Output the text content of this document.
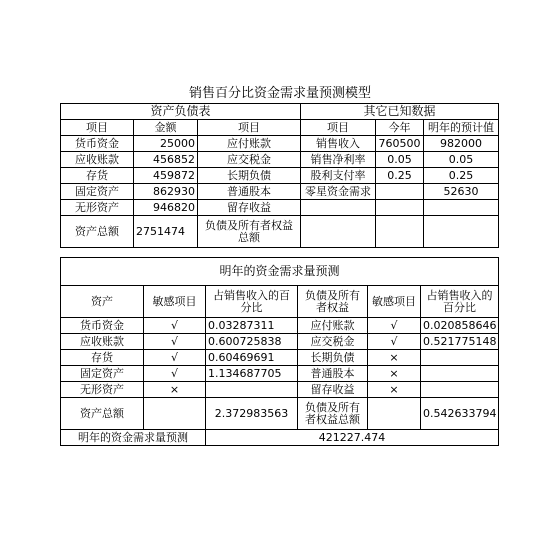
销售百分比资金需求量预测模型
资产负债表		
项目	金额	项目
货币资金	25000	应付账款
应收账款	456852	应交税金
存货	459872	长期负债
固定资产	862930	普通股本
无形资产	946820	留存收益
资产总额	2751474	负债及所有者权益总额
其它已知数据		
项目	今年	明年的预计值
销售收入	760500	982000
销售净利率	0.05	0.05
股利支付率	0.25	0.25
零星资金需求		52630

明年的资金需求量预测					
资产	敏感项目	占销售收入的百分比	负债及所有者权益	敏感项目	占销售收入的百分比
货币资金	√	0.03287311	应付账款	√	0.020858646
应收账款	√	0.600725838	应交税金	√	0.521775148
存货	√	0.60469691	长期负债	×	
固定资产	√	1.134687705	普通股本	×	
无形资产	×		留存收益	×	
资产总额		2.372983563	负债及所有者权益总额		0.542633794
明年的资金需求量预测		421227.474			
